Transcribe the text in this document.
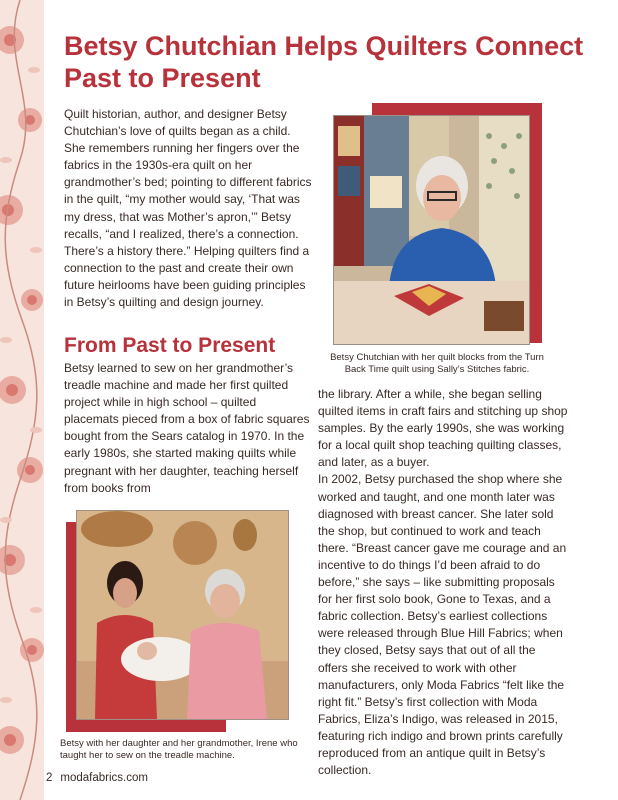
Betsy Chutchian Helps Quilters Connect Past to Present

Quilt historian, author, and designer Betsy Chutchian’s love of quilts began as a child. She remembers running her fingers over the fabrics in the 1930s-era quilt on her grandmother’s bed; pointing to different fabrics in the quilt, “my mother would say, ‘That was my dress, that was Mother’s apron,’” Betsy recalls, “and I realized, there’s a connection. There’s a history there.” Helping quilters find a connection to the past and create their own future heirlooms have been guiding principles in Betsy’s quilting and design journey.

Betsy Chutchian with her quilt blocks from the Turn Back Time quilt using Sally’s Stitches fabric.

From Past to Present

Betsy learned to sew on her grandmother’s treadle machine and made her first quilted project while in high school – quilted placemats pieced from a box of fabric squares bought from the Sears catalog in 1970. In the early 1980s, she started making quilts while pregnant with her daughter, teaching herself from books from

Betsy with her daughter and her grandmother, Irene who taught her to sew on the treadle machine.

the library. After a while, she began selling quilted items in craft fairs and stitching up shop samples. By the early 1990s, she was working for a local quilt shop teaching quilting classes, and later, as a buyer.

In 2002, Betsy purchased the shop where she worked and taught, and one month later was diagnosed with breast cancer. She later sold the shop, but continued to work and teach there. “Breast cancer gave me courage and an incentive to do things I’d been afraid to do before,” she says – like submitting proposals for her first solo book, Gone to Texas, and a fabric collection. Betsy’s earliest collections were released through Blue Hill Fabrics; when they closed, Betsy says that out of all the offers she received to work with other manufacturers, only Moda Fabrics “felt like the right fit.” Betsy’s first collection with Moda Fabrics, Eliza’s Indigo, was released in 2015, featuring rich indigo and brown prints carefully reproduced from an antique quilt in Betsy’s collection.

2 modafabrics.com
